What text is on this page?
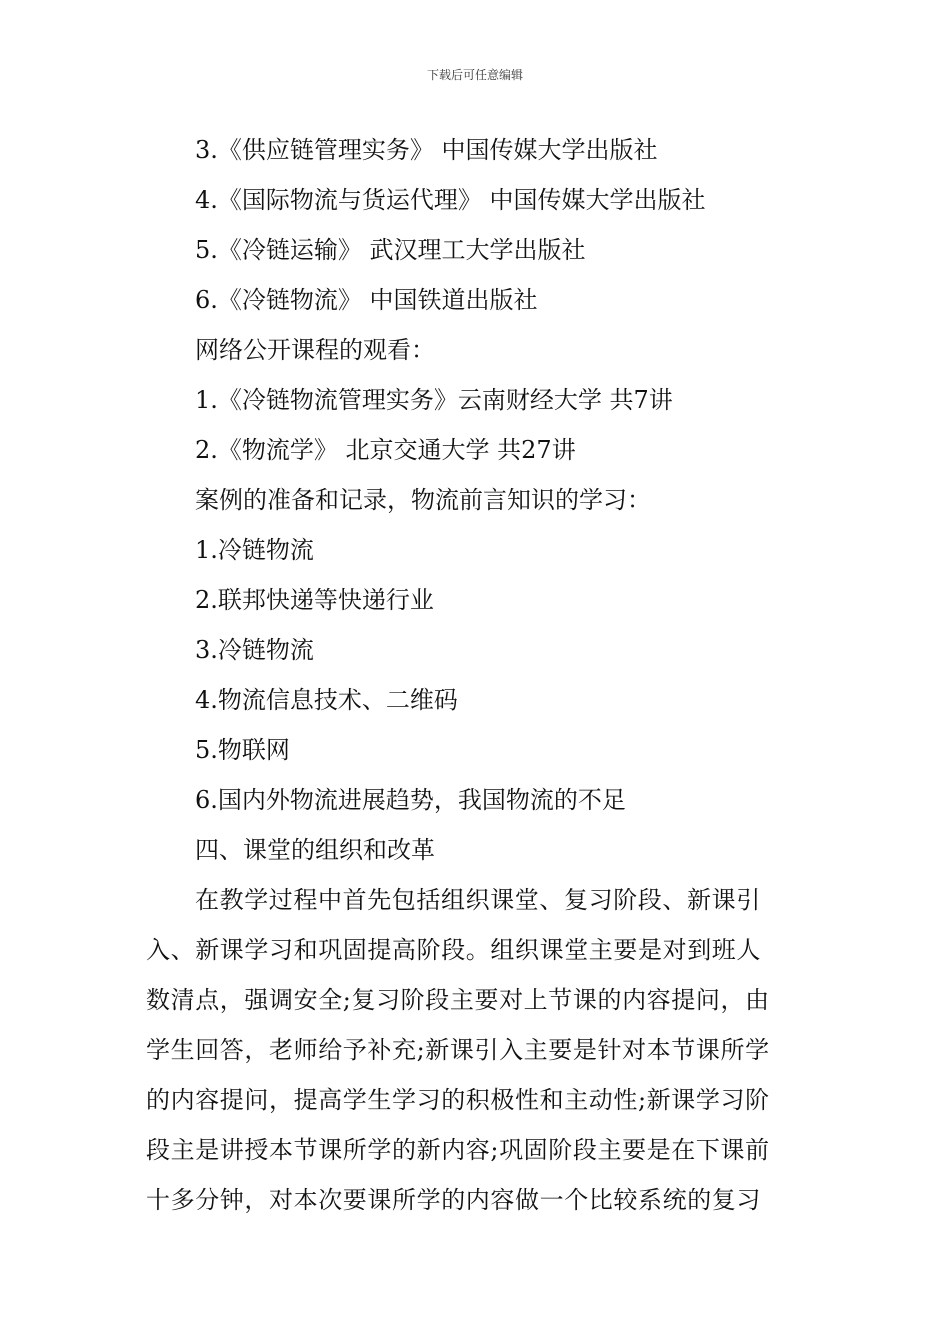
下载后可任意编辑
3.《供应链管理实务》 中国传媒大学出版社
4.《国际物流与货运代理》 中国传媒大学出版社
5.《冷链运输》 武汉理工大学出版社
6.《冷链物流》 中国铁道出版社
网络公开课程的观看：
1.《冷链物流管理实务》云南财经大学 共7讲
2.《物流学》 北京交通大学 共27讲
案例的准备和记录，物流前言知识的学习：
1.冷链物流
2.联邦快递等快递行业
3.冷链物流
4.物流信息技术、二维码
5.物联网
6.国内外物流进展趋势，我国物流的不足
四、课堂的组织和改革
在教学过程中首先包括组织课堂、复习阶段、新课引
入、新课学习和巩固提高阶段。组织课堂主要是对到班人
数清点，强调安全;复习阶段主要对上节课的内容提问，由
学生回答，老师给予补充;新课引入主要是针对本节课所学
的内容提问，提高学生学习的积极性和主动性;新课学习阶
段主是讲授本节课所学的新内容;巩固阶段主要是在下课前
十多分钟，对本次要课所学的内容做一个比较系统的复习
